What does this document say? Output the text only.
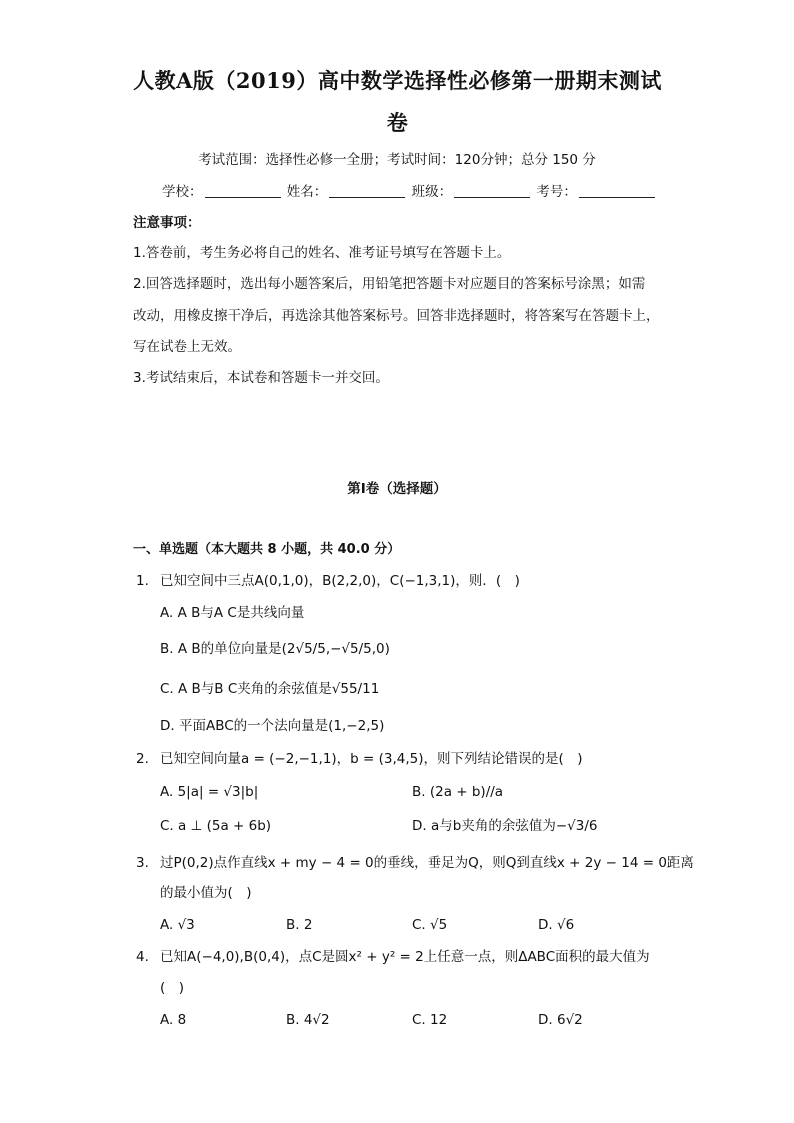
人教A版（2019）高中数学选择性必修第一册期末测试
卷
考试范围：选择性必修一全册；考试时间：120分钟；总分 150 分
学校：	姓名：	班级：	考号：
注意事项：
1.答卷前，考生务必将自己的姓名、准考证号填写在答题卡上。
2.回答选择题时，选出每小题答案后，用铅笔把答题卡对应题目的答案标号涂黑；如需
改动，用橡皮擦干净后，再选涂其他答案标号。回答非选择题时，将答案写在答题卡上，
写在试卷上无效。
3.考试结束后，本试卷和答题卡一并交回。
第I卷（选择题）
一、单选题（本大题共 8 小题，共 40.0 分）
1. 已知空间中三点A(0,1,0)，B(2,2,0)，C(−1,3,1)，则．(　)
A. A B与A C是共线向量
B. A B的单位向量是(2√5/5,−√5/5,0)
C. A B与B C夹角的余弦值是√55/11
D. 平面ABC的一个法向量是(1,−2,5)
2. 已知空间向量a = (−2,−1,1)，b = (3,4,5)，则下列结论错误的是(　)
A. 5|a| = √3|b|	B. (2a + b)//a
C. a ⊥ (5a + 6b)	D. a与b夹角的余弦值为−√3/6
3. 过P(0,2)点作直线x + my − 4 = 0的垂线，垂足为Q，则Q到直线x + 2y − 14 = 0距离
的最小值为(　)
A. √3	B. 2	C. √5	D. √6
4. 已知A(−4,0),B(0,4)，点C是圆x² + y² = 2上任意一点，则ΔABC面积的最大值为
(　)
A. 8	B. 4√2	C. 12	D. 6√2
